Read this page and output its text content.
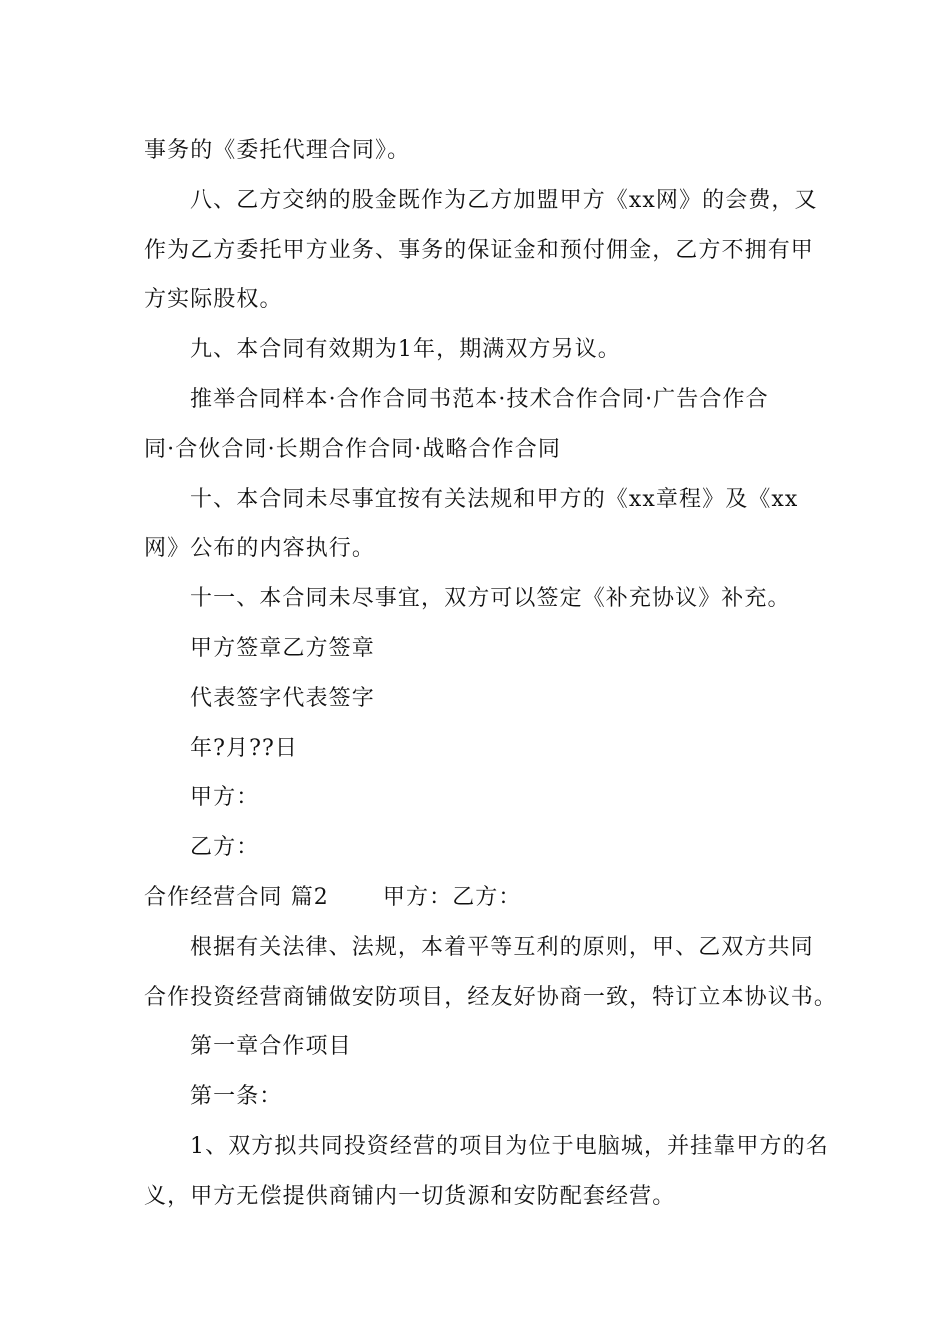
事务的《委托代理合同》。
八、乙方交纳的股金既作为乙方加盟甲方《xx网》的会费，又
作为乙方委托甲方业务、事务的保证金和预付佣金，乙方不拥有甲
方实际股权。
九、本合同有效期为1年，期满双方另议。
推举合同样本·合作合同书范本·技术合作合同·广告合作合
同·合伙合同·长期合作合同·战略合作合同
十、本合同未尽事宜按有关法规和甲方的《xx章程》及《xx
网》公布的内容执行。
十一、本合同未尽事宜，双方可以签定《补充协议》补充。
甲方签章乙方签章
代表签字代表签字
年?月??日
甲方：
乙方：
合作经营合同 篇2 甲方：乙方：
根据有关法律、法规，本着平等互利的原则，甲、乙双方共同
合作投资经营商铺做安防项目，经友好协商一致，特订立本协议书。
第一章合作项目
第一条：
1、双方拟共同投资经营的项目为位于电脑城，并挂靠甲方的名
义，甲方无偿提供商铺内一切货源和安防配套经营。
